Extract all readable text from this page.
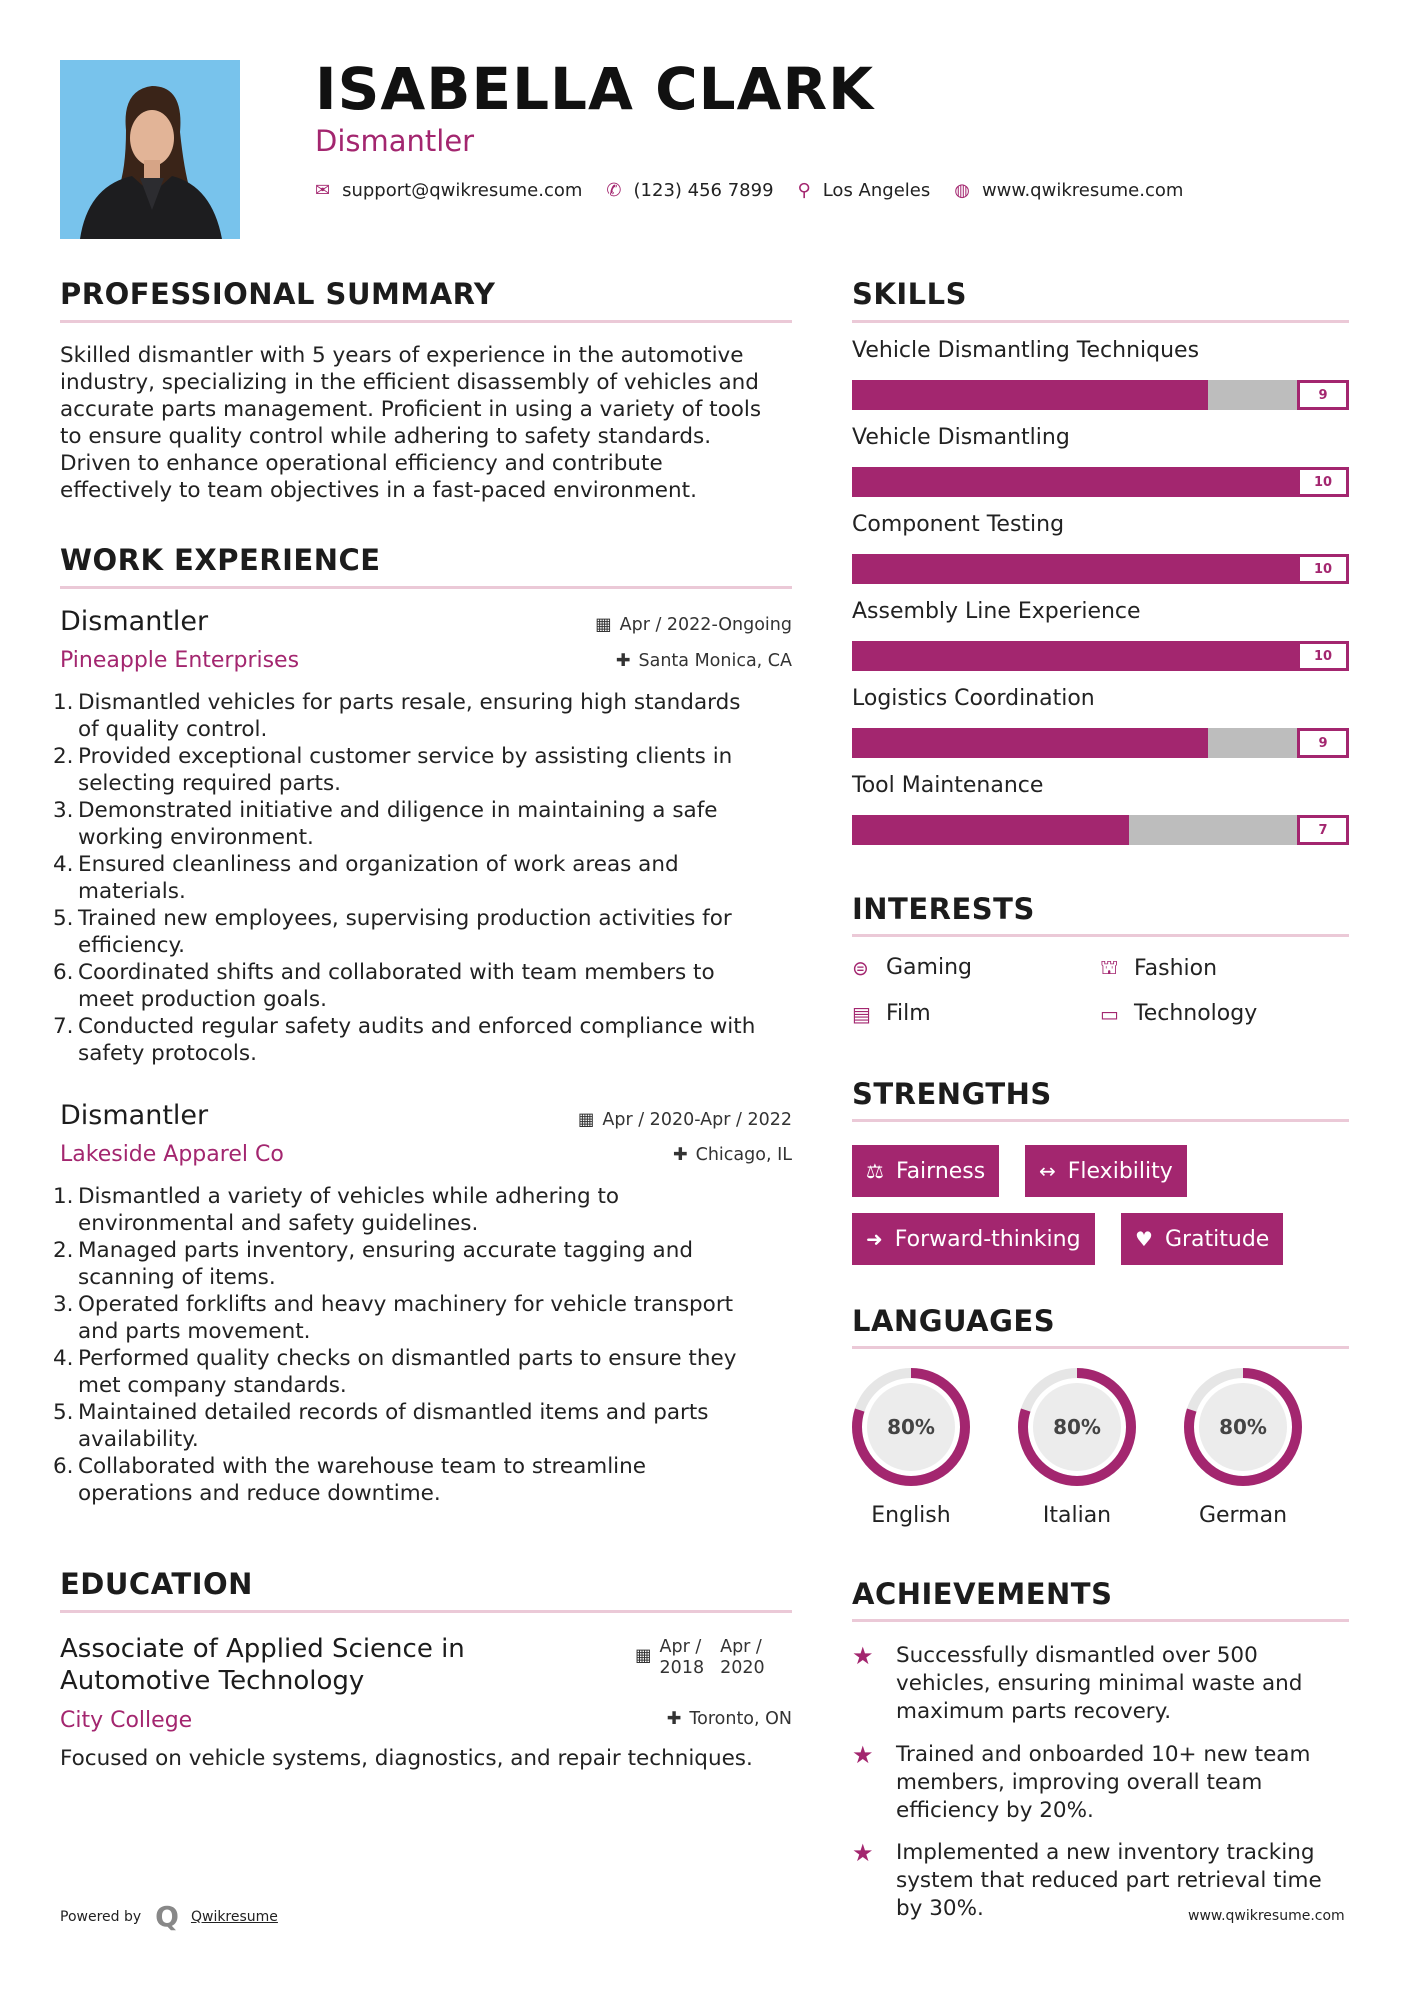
ISABELLA CLARK
Dismantler
✉ support@qwikresume.com ✆ (123) 456 7899 ⚲ Los Angeles ◍ www.qwikresume.com
PROFESSIONAL SUMMARY
Skilled dismantler with 5 years of experience in the automotive
industry, specializing in the efficient disassembly of vehicles and
accurate parts management. Proficient in using a variety of tools
to ensure quality control while adhering to safety standards.
Driven to enhance operational efficiency and contribute
effectively to team objectives in a fast-paced environment.
WORK EXPERIENCE
Dismantler	▦ Apr / 2022-Ongoing
Pineapple Enterprises	✚ Santa Monica, CA
1. Dismantled vehicles for parts resale, ensuring high standards
of quality control.
2. Provided exceptional customer service by assisting clients in
selecting required parts.
3. Demonstrated initiative and diligence in maintaining a safe
working environment.
4. Ensured cleanliness and organization of work areas and
materials.
5. Trained new employees, supervising production activities for
efficiency.
6. Coordinated shifts and collaborated with team members to
meet production goals.
7. Conducted regular safety audits and enforced compliance with
safety protocols.
Dismantler	▦ Apr / 2020-Apr / 2022
Lakeside Apparel Co	✚ Chicago, IL
1. Dismantled a variety of vehicles while adhering to
environmental and safety guidelines.
2. Managed parts inventory, ensuring accurate tagging and
scanning of items.
3. Operated forklifts and heavy machinery for vehicle transport
and parts movement.
4. Performed quality checks on dismantled parts to ensure they
met company standards.
5. Maintained detailed records of dismantled items and parts
availability.
6. Collaborated with the warehouse team to streamline
operations and reduce downtime.
EDUCATION
Associate of Applied Science in
Automotive Technology
▦ Apr /
2018
Apr /
2020
City College	✚ Toronto, ON
Focused on vehicle systems, diagnostics, and repair techniques.
Powered by Q Qwikresume
SKILLS
Vehicle Dismantling Techniques
9
Vehicle Dismantling
10
Component Testing
10
Assembly Line Experience
10
Logistics Coordination
9
Tool Maintenance
7
INTERESTS
⊜ Gaming	⛫ Fashion
▤ Film	▭ Technology
STRENGTHS
⚖ Fairness	↔ Flexibility
➜ Forward-thinking	♥ Gratitude
LANGUAGES
80%
English
80%
Italian
80%
German
ACHIEVEMENTS
★ Successfully dismantled over 500
vehicles, ensuring minimal waste and
maximum parts recovery.
★ Trained and onboarded 10+ new team
members, improving overall team
efficiency by 20%.
★ Implemented a new inventory tracking
system that reduced part retrieval time
by 30%.	www.qwikresume.com
